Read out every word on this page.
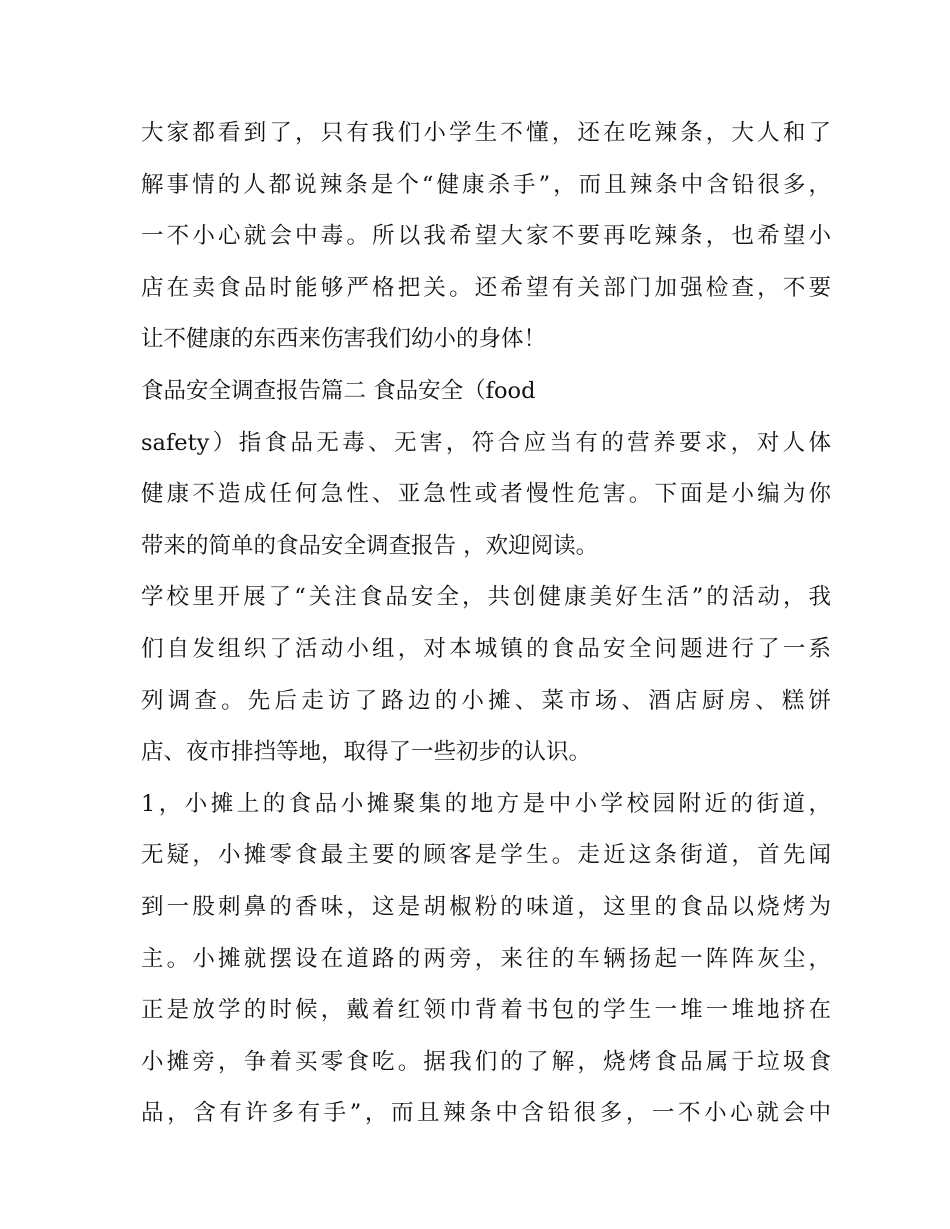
大家都看到了，只有我们小学生不懂，还在吃辣条，大人和了
解事情的人都说辣条是个“健康杀手”，而且辣条中含铅很多，
一不小心就会中毒。所以我希望大家不要再吃辣条，也希望小
店在卖食品时能够严格把关。还希望有关部门加强检查，不要
让不健康的东西来伤害我们幼小的身体！
食品安全调查报告篇二 食品安全（food
safety）指食品无毒、无害，符合应当有的营养要求，对人体
健康不造成任何急性、亚急性或者慢性危害。下面是小编为你
带来的简单的食品安全调查报告 ，欢迎阅读。
学校里开展了“关注食品安全，共创健康美好生活”的活动，我
们自发组织了活动小组，对本城镇的食品安全问题进行了一系
列调查。先后走访了路边的小摊、菜市场、酒店厨房、糕饼
店、夜市排挡等地，取得了一些初步的认识。
1，小摊上的食品小摊聚集的地方是中小学校园附近的街道，
无疑，小摊零食最主要的顾客是学生。走近这条街道，首先闻
到一股刺鼻的香味，这是胡椒粉的味道，这里的食品以烧烤为
主。小摊就摆设在道路的两旁，来往的车辆扬起一阵阵灰尘，
正是放学的时候，戴着红领巾背着书包的学生一堆一堆地挤在
小摊旁，争着买零食吃。据我们的了解，烧烤食品属于垃圾食
品，含有许多有手”，而且辣条中含铅很多，一不小心就会中
